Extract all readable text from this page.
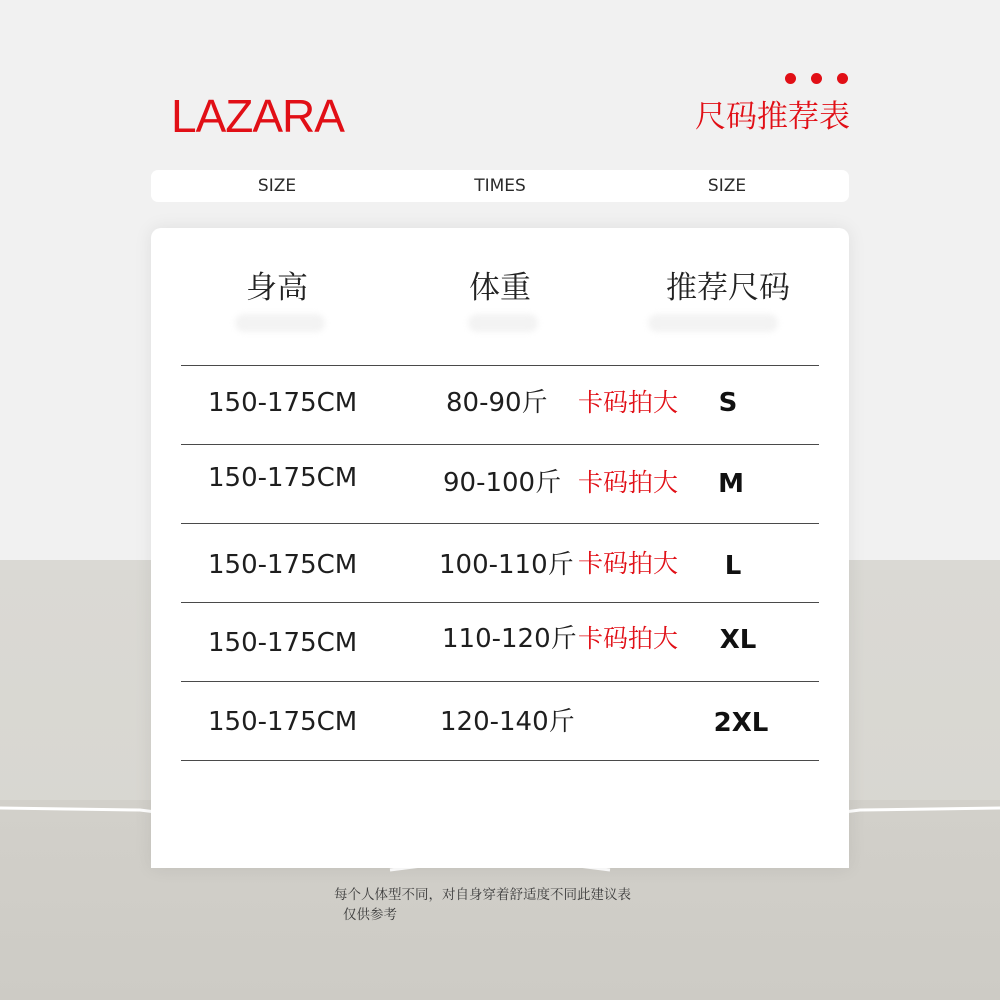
LAZARA	尺码推荐表
SIZE	TIMES	SIZE
身高	体重	推荐尺码
150-175CM	80-90斤 卡码拍大 S
150-175CM	90-100斤 卡码拍大 M
150-175CM	100-110斤 卡码拍大 L
150-175CM	110-120斤 卡码拍大 XL
150-175CM	120-140斤	2XL
每个人体型不同，对自身穿着舒适度不同此建议表
仅供参考
